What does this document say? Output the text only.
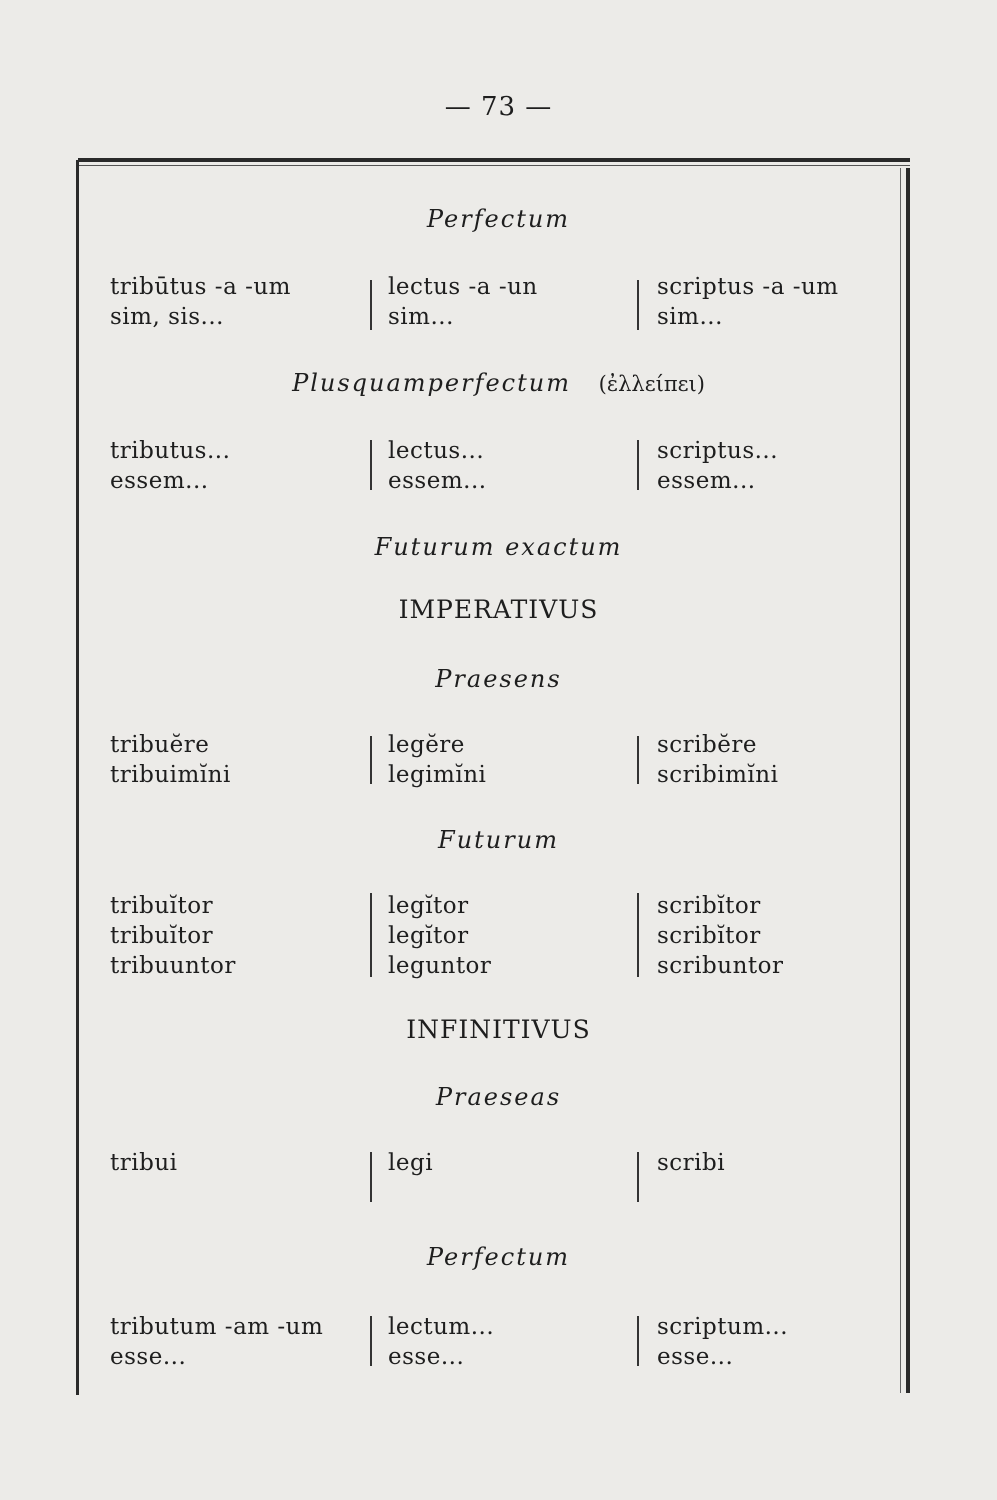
— 73 —
Perfectum
tribūtus -a -um
sim, sis...
lectus -a -un
sim...
scriptus -a -um
sim...
Plusquamperfectum (ἐλλείπει)
tributus...
essem...
lectus...
essem...
scriptus...
essem...
Futurum exactum
IMPERATIVUS
Praesens
tribuĕre
tribuimĭni
legĕre
legimĭni
scribĕre
scribimĭni
Futurum
tribuĭtor
tribuĭtor
tribuuntor
legĭtor
legĭtor
leguntor
scribĭtor
scribĭtor
scribuntor
INFINITIVUS
Praeseas
tribui	legi	scribi
Perfectum
tributum -am -um
esse...
lectum...
esse...
scriptum...
esse...
